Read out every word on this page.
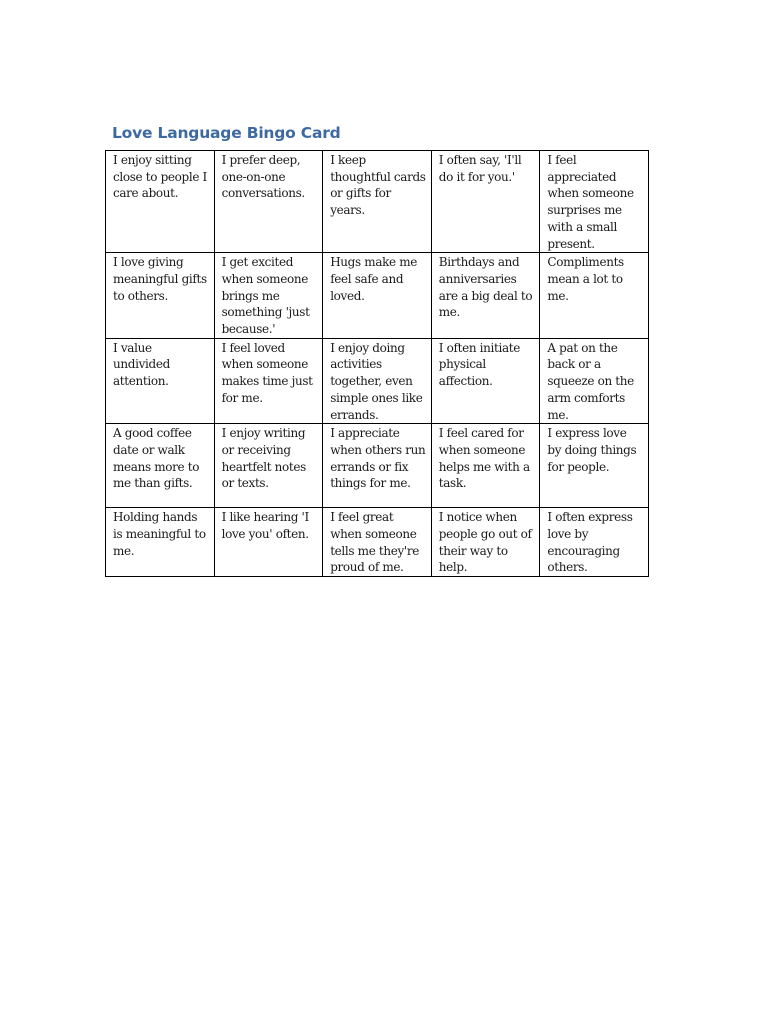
Love Language Bingo Card
I enjoy sitting close to people I care about.	I prefer deep, one-on-one conversations.	I keep thoughtful cards or gifts for years.	I often say, 'I'll do it for you.'	I feel appreciated when someone surprises me with a small present.
I love giving meaningful gifts to others.	I get excited when someone brings me something 'just because.'	Hugs make me feel safe and loved.	Birthdays and anniversaries are a big deal to me.	Compliments mean a lot to me.
I value undivided attention.	I feel loved when someone makes time just for me.	I enjoy doing activities together, even simple ones like errands.	I often initiate physical affection.	A pat on the back or a squeeze on the arm comforts me.
A good coffee date or walk means more to me than gifts.	I enjoy writing or receiving heartfelt notes or texts.	I appreciate when others run errands or fix things for me.	I feel cared for when someone helps me with a task.	I express love by doing things for people.
Holding hands is meaningful to me.	I like hearing 'I love you' often.	I feel great when someone tells me they're proud of me.	I notice when people go out of their way to help.	I often express love by encouraging others.
